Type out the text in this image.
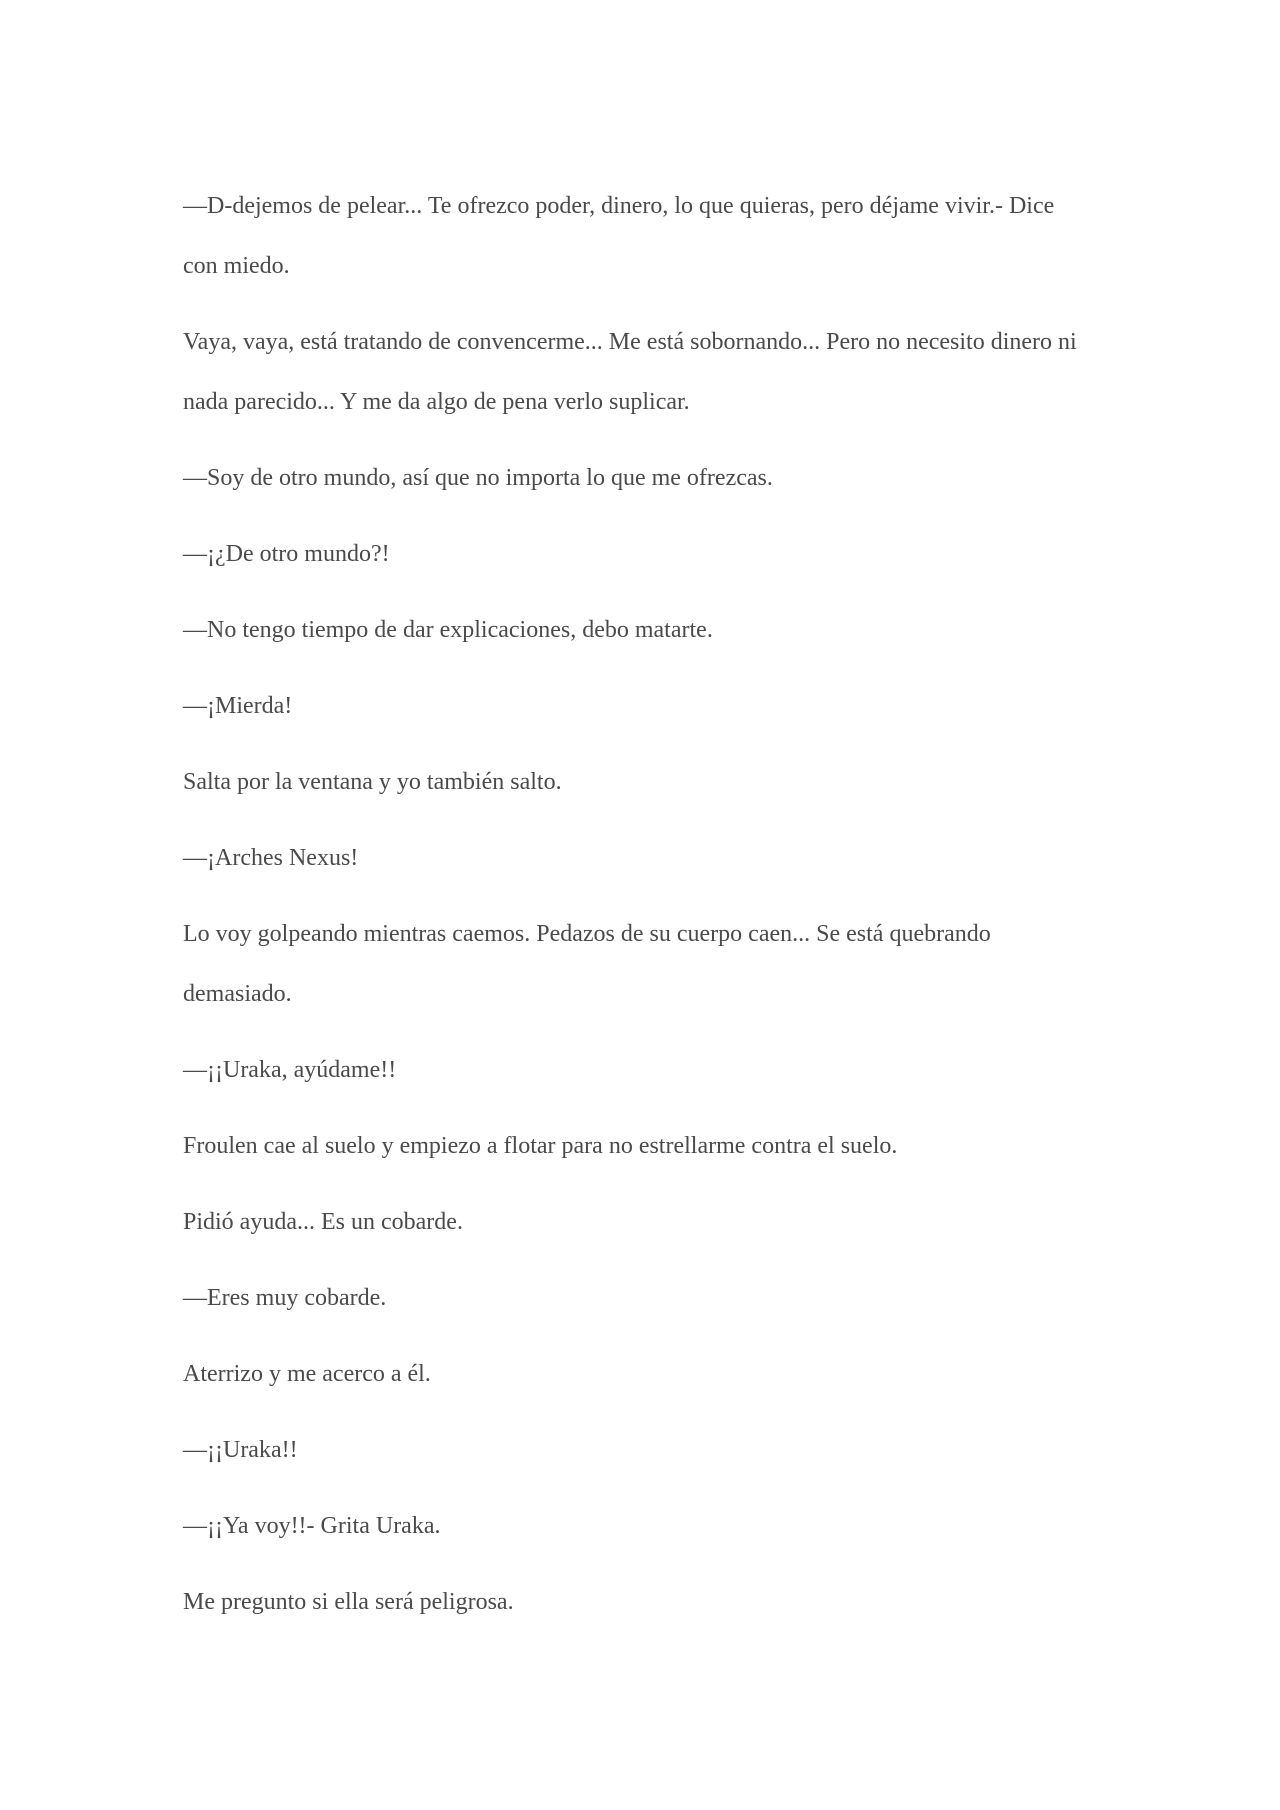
—D-dejemos de pelear... Te ofrezco poder, dinero, lo que quieras, pero déjame vivir.- Dice con miedo.

Vaya, vaya, está tratando de convencerme... Me está sobornando... Pero no necesito dinero ni nada parecido... Y me da algo de pena verlo suplicar.

—Soy de otro mundo, así que no importa lo que me ofrezcas.

—¡¿De otro mundo?!

—No tengo tiempo de dar explicaciones, debo matarte.

—¡Mierda!

Salta por la ventana y yo también salto.

—¡Arches Nexus!

Lo voy golpeando mientras caemos. Pedazos de su cuerpo caen... Se está quebrando demasiado.

—¡¡Uraka, ayúdame!!

Froulen cae al suelo y empiezo a flotar para no estrellarme contra el suelo.

Pidió ayuda... Es un cobarde.

—Eres muy cobarde.

Aterrizo y me acerco a él.

—¡¡Uraka!!

—¡¡Ya voy!!- Grita Uraka.

Me pregunto si ella será peligrosa.
